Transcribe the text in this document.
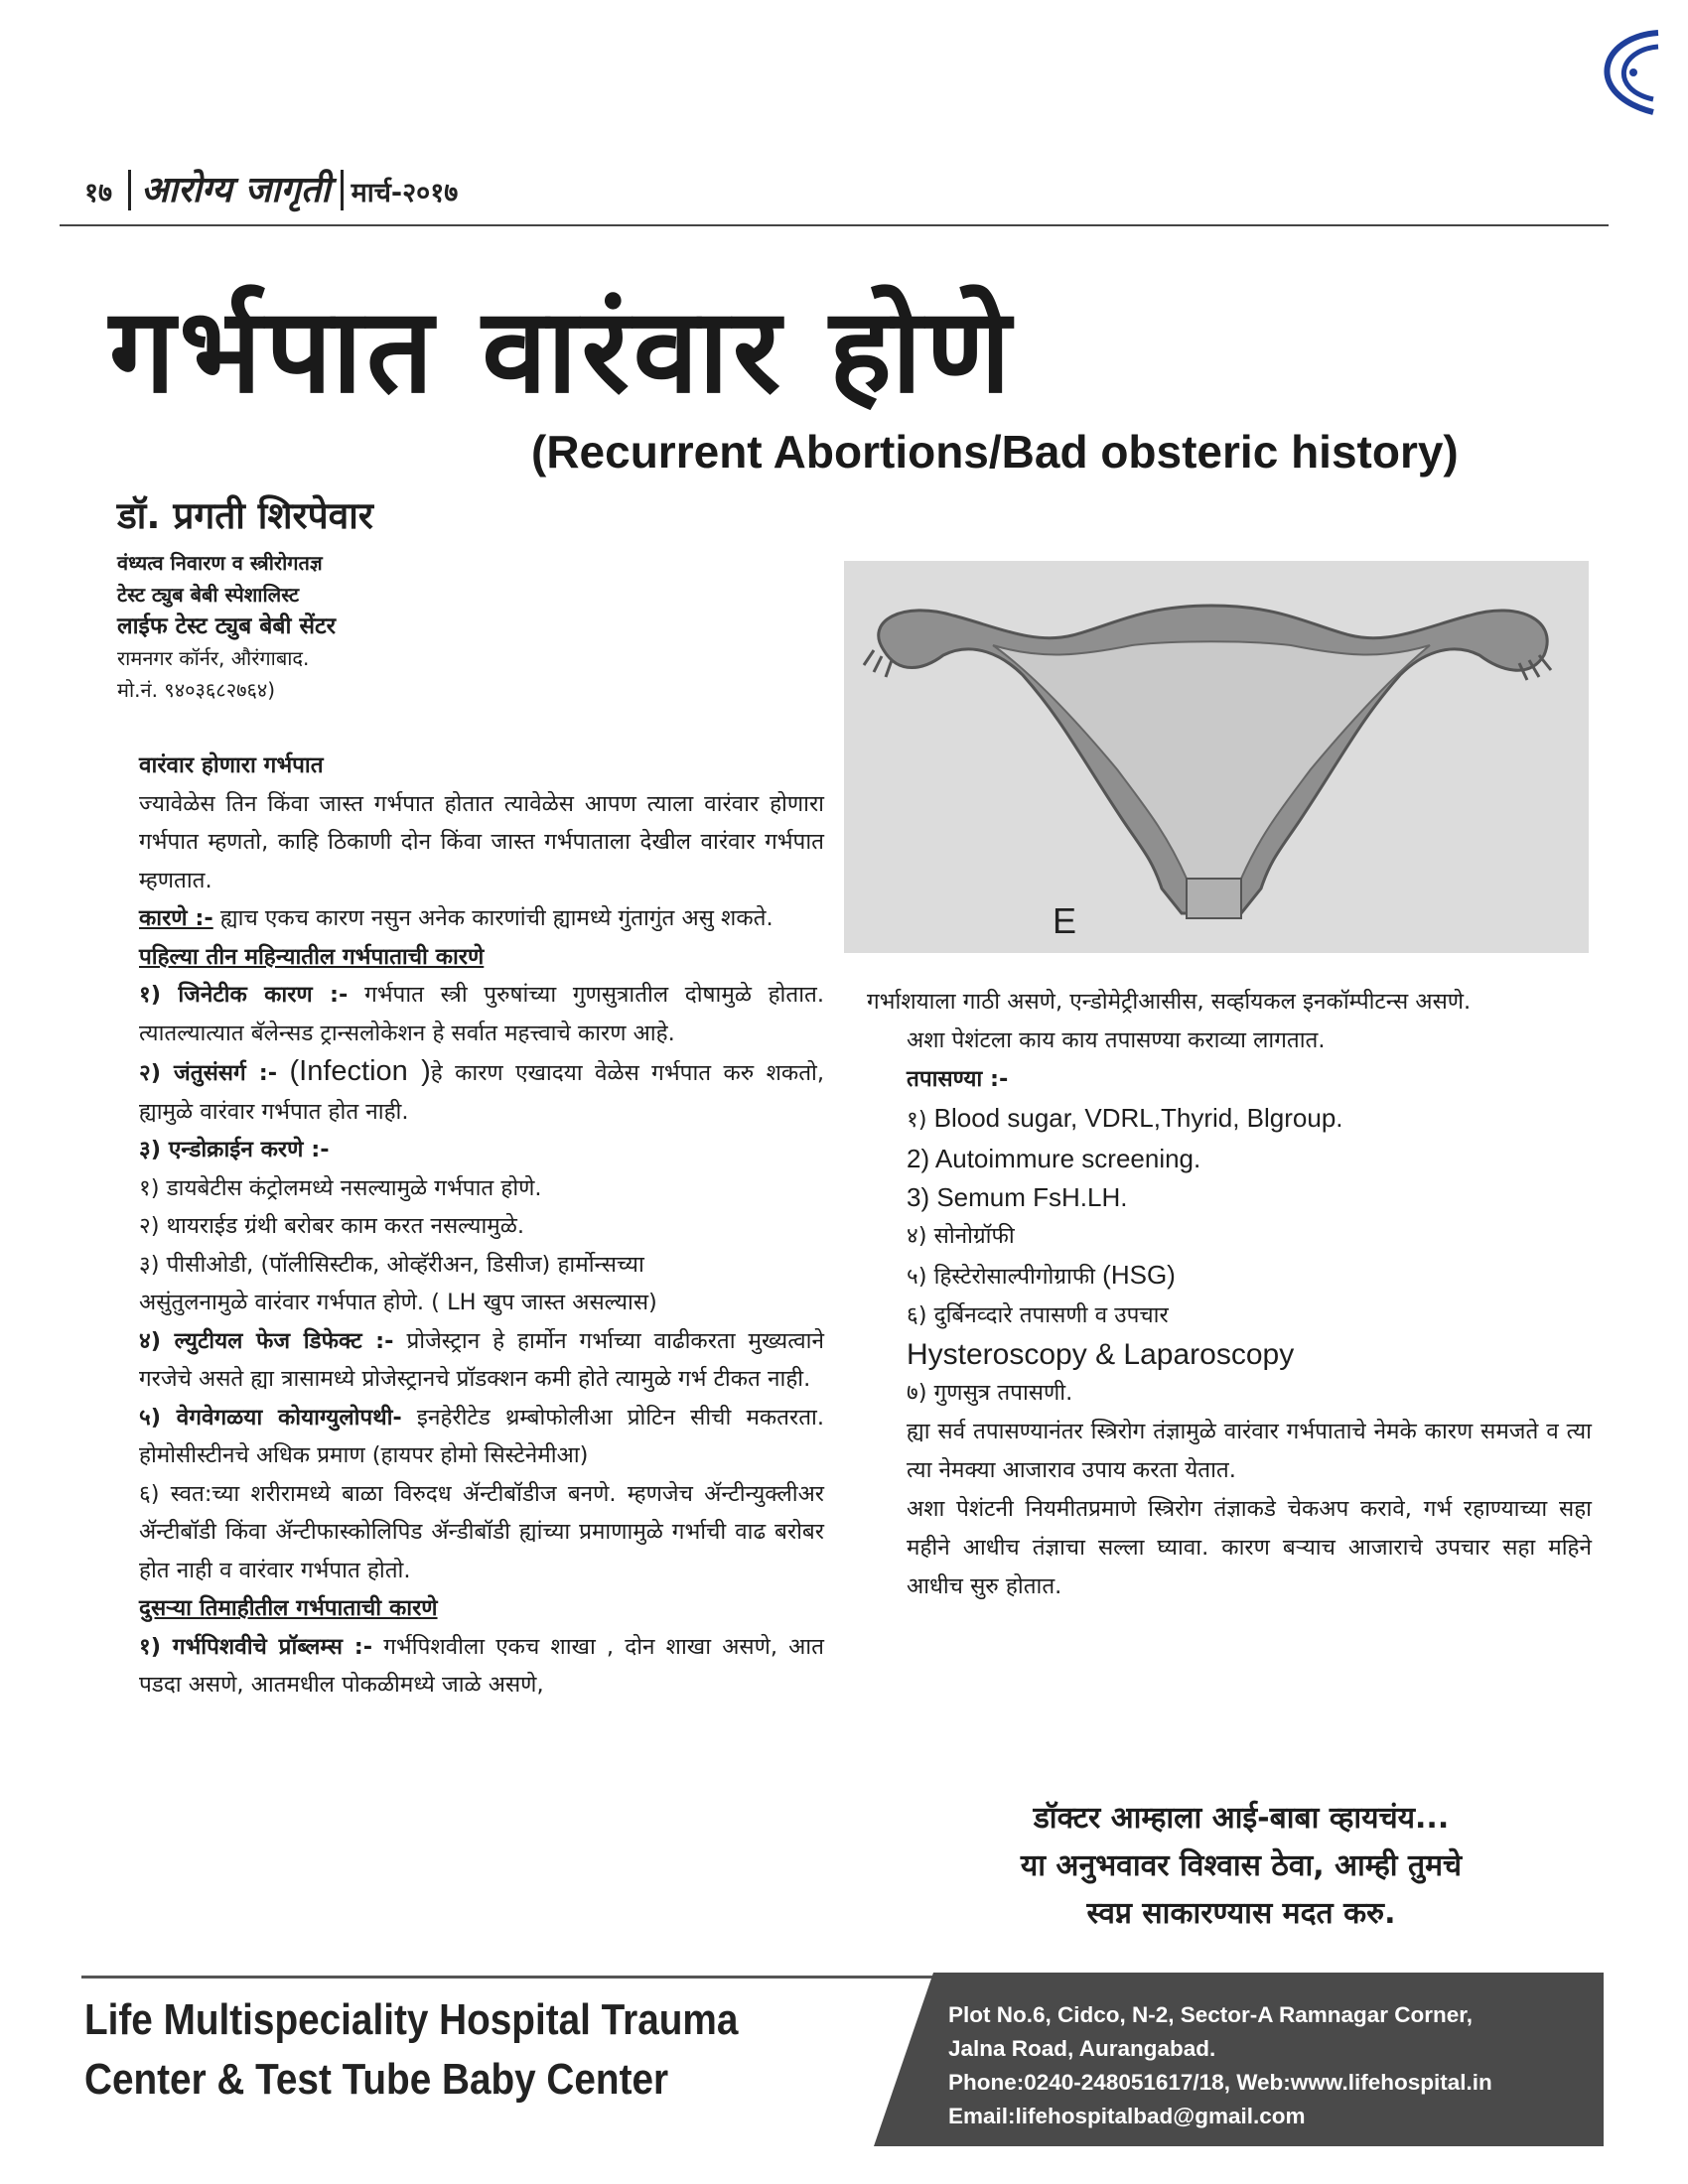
१७ आरोग्य जागृती मार्च-२०१७
गर्भपात वारंवार होणे
(Recurrent Abortions/Bad obsteric history)
डॉ. प्रगती शिरपेवार
वंध्यत्व निवारण व स्त्रीरोगतज्ञ
टेस्ट ट्युब बेबी स्पेशालिस्ट
लाईफ टेस्ट ट्युब बेबी सेंटर
रामनगर कॉर्नर, औरंगाबाद.
मो.नं. ९४०३६८२७६४)
E

वारंवार होणारा गर्भपात

ज्यावेळेस तिन किंवा जास्त गर्भपात होतात त्यावेळेस आपण त्याला वारंवार होणारा गर्भपात म्हणतो, काहि ठिकाणी दोन किंवा जास्त गर्भपाताला देखील वारंवार गर्भपात म्हणतात.

कारणे :- ह्याच एकच कारण नसुन अनेक कारणांची ह्यामध्ये गुंतागुंत असु शकते.

पहिल्या तीन महिन्यातील गर्भपाताची कारणे

१) जिनेटीक कारण :- गर्भपात स्त्री पुरुषांच्या गुणसुत्रातील दोषामुळे होतात. त्यातल्यात्यात बॅलेन्सड ट्रान्सलोकेशन हे सर्वात महत्त्वाचे कारण आहे.

२) जंतुसंसर्ग :- (Infection )हे कारण एखादया वेळेस गर्भपात करु शकतो, ह्यामुळे वारंवार गर्भपात होत नाही.

३) एन्डोक्राईन करणे :-

१) डायबेटीस कंट्रोलमध्ये नसल्यामुळे गर्भपात होणे.

२) थायराईड ग्रंथी बरोबर काम करत नसल्यामुळे.

३) पीसीओडी, (पॉलीसिस्टीक, ओव्हॅरीअन, डिसीज) हार्मोन्सच्या

असुंतुलनामुळे वारंवार गर्भपात होणे. ( LH खुप जास्त असल्यास)

४) ल्युटीयल फेज डिफेक्ट :- प्रोजेस्ट्रान हे हार्मोन गर्भाच्या वाढीकरता मुख्यत्वाने गरजेचे असते ह्या त्रासामध्ये प्रोजेस्ट्रानचे प्रॉडक्शन कमी होते त्यामुळे गर्भ टीकत नाही.

५) वेगवेगळया कोयाग्युलोपथी- इनहेरीटेड थ्रम्बोफोलीआ प्रोटिन सीची मकतरता. होमोसीस्टीनचे अधिक प्रमाण (हायपर होमो सिस्टेनेमीआ)

६) स्वत:च्या शरीरामध्ये बाळा विरुदध ॲन्टीबॉडीज बनणे. म्हणजेच ॲन्टीन्युक्लीअर ॲन्टीबॉडी किंवा ॲन्टीफास्कोलिपिड ॲन्डीबॉडी ह्यांच्या प्रमाणामुळे गर्भाची वाढ बरोबर होत नाही व वारंवार गर्भपात होतो.

दुसऱ्या तिमाहीतील गर्भपाताची कारणे

१) गर्भपिशवीचे प्रॉब्लम्स :- गर्भपिशवीला एकच शाखा , दोन शाखा असणे, आत पडदा असणे, आतमधील पोकळीमध्ये जाळे असणे,

गर्भाशयाला गाठी असणे, एन्डोमेट्रीआसीस, सर्व्हायकल इनकॉम्पीटन्स असणे.

अशा पेशंटला काय काय तपासण्या कराव्या लागतात.

तपासण्या :-

१) Blood sugar, VDRL,Thyrid, Blgroup.

2) Autoimmure screening.

3) Semum FsH.LH.

४) सोनोग्रॉफी

५) हिस्टेरोसाल्पीगोग्राफी (HSG)

६) दुर्बिनव्दारे तपासणी व उपचार

Hysteroscopy & Laparoscopy

७) गुणसुत्र तपासणी.

ह्या सर्व तपासण्यानंतर स्त्रिरोग तंज्ञामुळे वारंवार गर्भपाताचे नेमके कारण समजते व त्या त्या नेमक्या आजाराव उपाय करता येतात.

अशा पेशंटनी नियमीतप्रमाणे स्त्रिरोग तंज्ञाकडे चेकअप करावे, गर्भ रहाण्याच्या सहा महीने आधीच तंज्ञाचा सल्ला घ्यावा. कारण बऱ्याच आजाराचे उपचार सहा महिने आधीच सुरु होतात.

डॉक्टर आम्हाला आई-बाबा व्हायचंय...
या अनुभवावर विश्वास ठेवा, आम्ही तुमचे
स्वप्न साकारण्यास मदत करु.
Life Multispeciality Hospital Trauma
Center & Test Tube Baby Center
Plot No.6, Cidco, N-2, Sector-A Ramnagar Corner,
Jalna Road, Aurangabad.
Phone:0240-248051617/18, Web:www.lifehospital.in
Email:lifehospitalbad@gmail.com
